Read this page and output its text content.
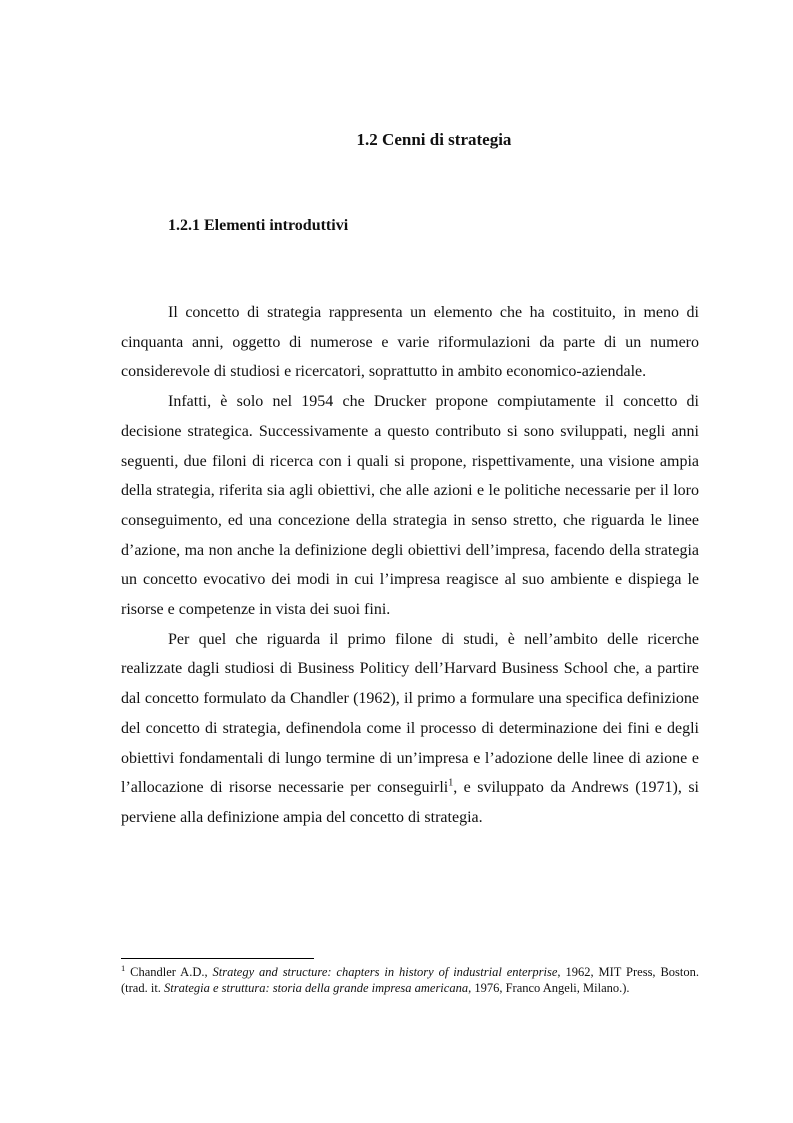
1.2 Cenni di strategia
1.2.1 Elementi introduttivi

Il concetto di strategia rappresenta un elemento che ha costituito, in meno di cinquanta anni, oggetto di numerose e varie riformulazioni da parte di un numero considerevole di studiosi e ricercatori, soprattutto in ambito economico-aziendale.

Infatti, è solo nel 1954 che Drucker propone compiutamente il concetto di decisione strategica. Successivamente a questo contributo si sono sviluppati, negli anni seguenti, due filoni di ricerca con i quali si propone, rispettivamente, una visione ampia della strategia, riferita sia agli obiettivi, che alle azioni e le politiche necessarie per il loro conseguimento, ed una concezione della strategia in senso stretto, che riguarda le linee d’azione, ma non anche la definizione degli obiettivi dell’impresa, facendo della strategia un concetto evocativo dei modi in cui l’impresa reagisce al suo ambiente e dispiega le risorse e competenze in vista dei suoi fini.

Per quel che riguarda il primo filone di studi, è nell’ambito delle ricerche realizzate dagli studiosi di Business Politicy dell’Harvard Business School che, a partire dal concetto formulato da Chandler (1962), il primo a formulare una specifica definizione del concetto di strategia, definendola come il processo di determinazione dei fini e degli obiettivi fondamentali di lungo termine di un’impresa e l’adozione delle linee di azione e l’allocazione di risorse necessarie per conseguirli$^1$, e sviluppato da Andrews (1971), si perviene alla definizione ampia del concetto di strategia.

$^1$ Chandler A.D., Strategy and structure: chapters in history of industrial enterprise, 1962, MIT Press, Boston. (trad. it. Strategia e struttura: storia della grande impresa americana, 1976, Franco Angeli, Milano.).
